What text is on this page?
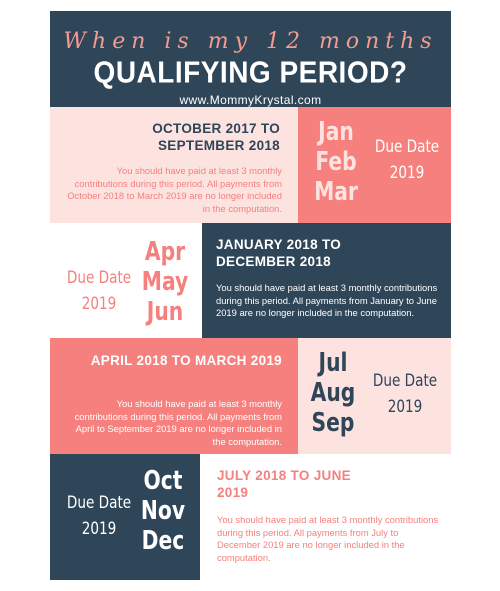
When is my 12 months
QUALIFYING PERIOD?
www.MommyKrystal.com
OCTOBER 2017 TO SEPTEMBER 2018
You should have paid at least 3 monthly contributions during this period. All payments from October 2018 to March 2019 are no longer included in the computation.
Jan
Feb
Mar
Due Date
2019
Due Date
2019
Apr
May
Jun
JANUARY 2018 TO DECEMBER 2018
You should have paid at least 3 monthly contributions during this period. All payments from January to June 2019 are no longer included in the computation.
APRIL 2018 TO MARCH 2019
You should have paid at least 3 monthly contributions during this period. All payments from April to September 2019 are no longer included in the computation.
Jul
Aug
Sep
Due Date
2019
Due Date
2019
Oct
Nov
Dec
JULY 2018 TO JUNE 2019
You should have paid at least 3 monthly contributions during this period. All payments from July to December 2019 are no longer included in the computation.
